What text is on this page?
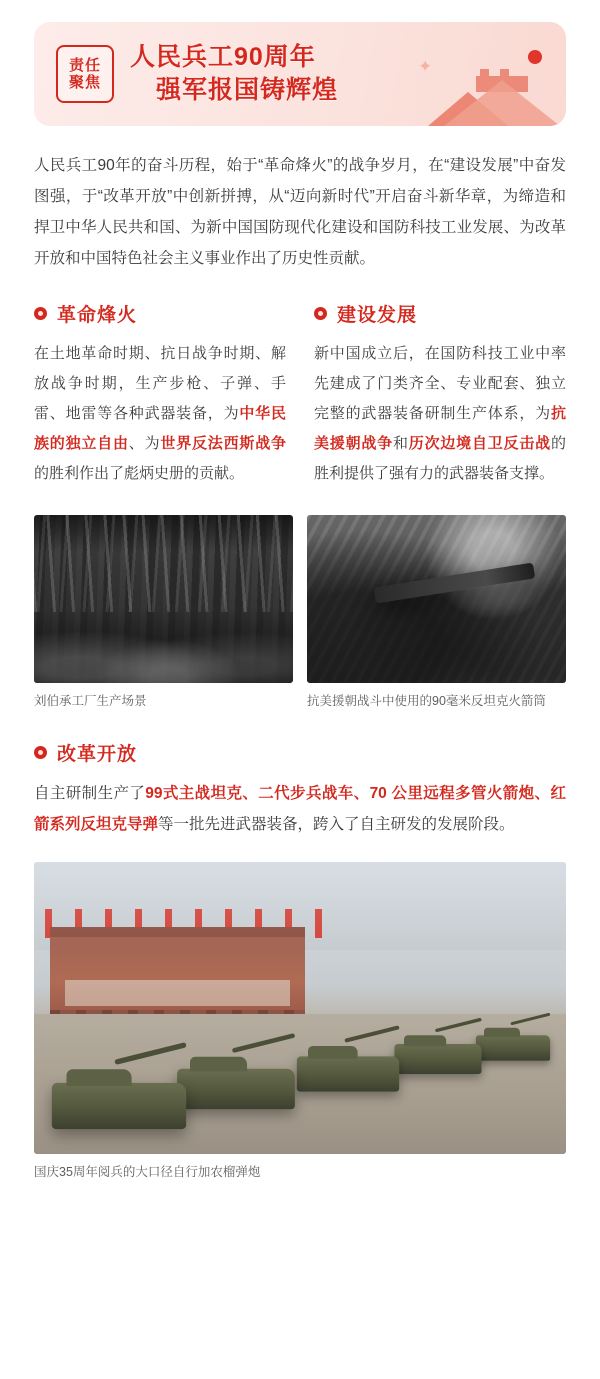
责任
聚焦
人民兵工90周年
强军报国铸辉煌
✦
人民兵工90年的奋斗历程，始于“革命烽火”的战争岁月，在“建设发展”中奋发图强，于“改革开放”中创新拼搏，从“迈向新时代”开启奋斗新华章，为缔造和捍卫中华人民共和国、为新中国国防现代化建设和国防科技工业发展、为改革开放和中国特色社会主义事业作出了历史性贡献。
革命烽火

在土地革命时期、抗日战争时期、解放战争时期，生产步枪、子弹、手雷、地雷等各种武器装备，为中华民族的独立自由、为世界反法西斯战争的胜利作出了彪炳史册的贡献。

建设发展

新中国成立后，在国防科技工业中率先建成了门类齐全、专业配套、独立完整的武器装备研制生产体系，为抗美援朝战争和历次边境自卫反击战的胜利提供了强有力的武器装备支撑。

刘伯承工厂生产场景	抗美援朝战斗中使用的90毫米反坦克火箭筒
改革开放

自主研制生产了99式主战坦克、二代步兵战车、70 公里远程多管火箭炮、红箭系列反坦克导弹等一批先进武器装备，跨入了自主研发的发展阶段。

国庆35周年阅兵的大口径自行加农榴弹炮
